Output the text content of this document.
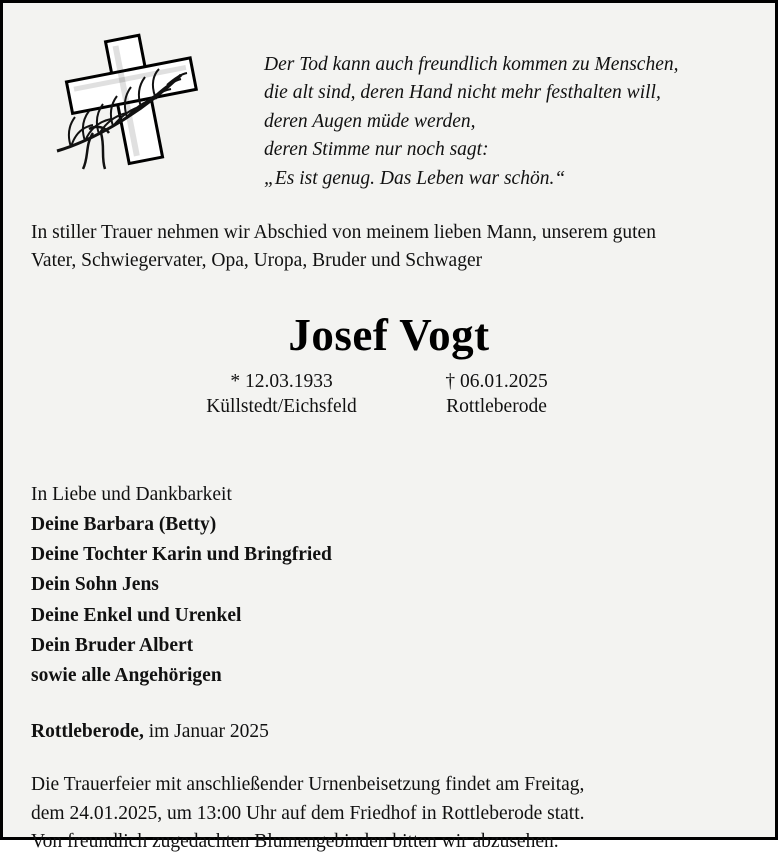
Der Tod kann auch freundlich kommen zu Menschen,

die alt sind, deren Hand nicht mehr festhalten will,

deren Augen müde werden,

deren Stimme nur noch sagt:

„Es ist genug. Das Leben war schön.“

In stiller Trauer nehmen wir Abschied von meinem lieben Mann, unserem guten

Vater, Schwiegervater, Opa, Uropa, Bruder und Schwager

Josef Vogt
* 12.03.1933
Küllstedt/Eichsfeld
† 06.01.2025
Rottleberode
In Liebe und Dankbarkeit
Deine Barbara (Betty)
Deine Tochter Karin und Bringfried
Dein Sohn Jens
Deine Enkel und Urenkel
Dein Bruder Albert
sowie alle Angehörigen
Rottleberode, im Januar 2025

Die Trauerfeier mit anschließender Urnenbeisetzung findet am Freitag,

dem 24.01.2025, um 13:00 Uhr auf dem Friedhof in Rottleberode statt.

Von freundlich zugedachten Blumengebinden bitten wir abzusehen.
